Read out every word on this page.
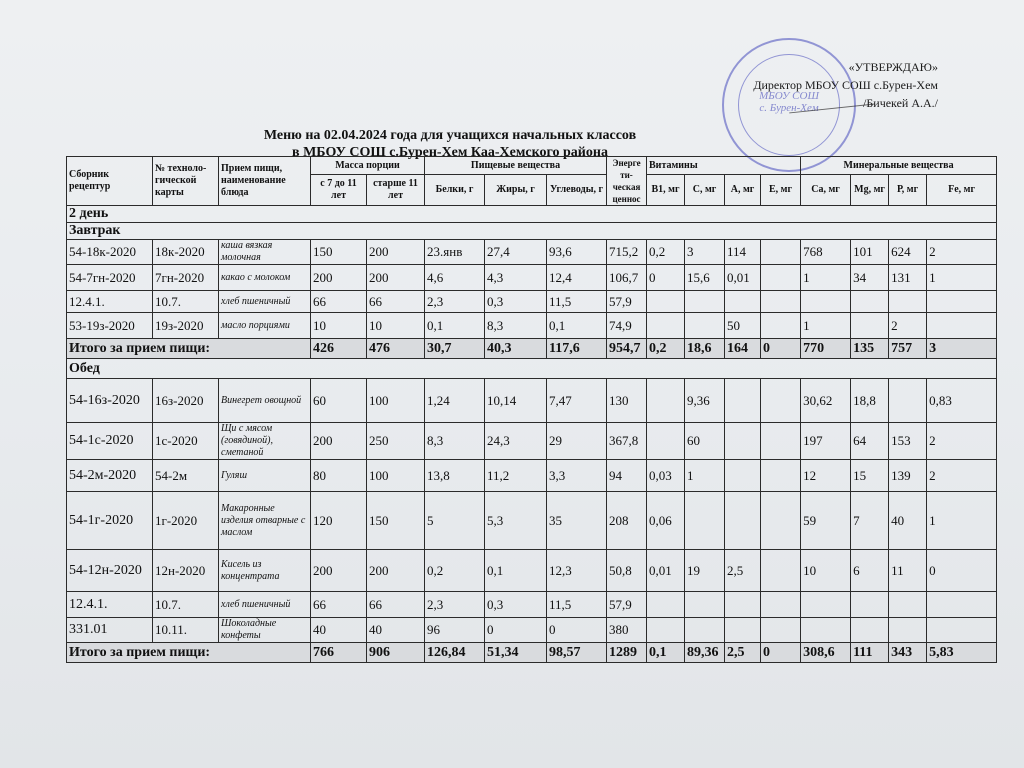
МБОУ СОШ с. Бурен-Хем
«УТВЕРЖДАЮ»
Директор МБОУ СОШ с.Бурен-Хем
/Бичекей А.А./
Меню на 02.04.2024 года для учащихся начальных классов
в МБОУ СОШ с.Бурен-Хем Каа-Хемского района
Сборник рецептур	№ техноло-гической карты	Прием пищи, наименование блюда	Масса порции		Пищевые вещества			Энерге ти-ческая ценнос	Витамины				Минеральные вещества			
			с 7 до 11 лет	старше 11 лет	Белки, г	Жиры, г	Углеводы, г		В1, мг	С, мг	А, мг	Е, мг	Са, мг	Mg, мг	Р, мг	Fe, мг
2 день																
Завтрак																
54-18к-2020	18к-2020	каша вязкая молочная	150	200	23.янв	27,4	93,6	715,2	0,2	3	114		768	101	624	2
54-7гн-2020	7гн-2020	какао с молоком	200	200	4,6	4,3	12,4	106,7	0	15,6	0,01		1	34	131	1
12.4.1.	10.7.	хлеб пшеничный	66	66	2,3	0,3	11,5	57,9								
53-19з-2020	19з-2020	масло порциями	10	10	0,1	8,3	0,1	74,9			50		1		2	
Итого за прием пищи:			426	476	30,7	40,3	117,6	954,7	0,2	18,6	164	0	770	135	757	3
Обед																
54-16з-2020	16з-2020	Винегрет овощной	60	100	1,24	10,14	7,47	130		9,36			30,62	18,8		0,83
54-1с-2020	1с-2020	Щи с мясом (говядиной), сметаной	200	250	8,3	24,3	29	367,8		60			197	64	153	2
54-2м-2020	54-2м	Гуляш	80	100	13,8	11,2	3,3	94	0,03	1			12	15	139	2
54-1г-2020	1г-2020	Макаронные изделия отварные с маслом	120	150	5	5,3	35	208	0,06				59	7	40	1
54-12н-2020	12н-2020	Кисель из концентрата	200	200	0,2	0,1	12,3	50,8	0,01	19	2,5		10	6	11	0
12.4.1.	10.7.	хлеб пшеничный	66	66	2,3	0,3	11,5	57,9								
331.01	10.11.	Шоколадные конфеты	40	40	96	0	0	380								
Итого за прием пищи:			766	906	126,84	51,34	98,57	1289	0,1	89,36	2,5	0	308,6	111	343	5,83
